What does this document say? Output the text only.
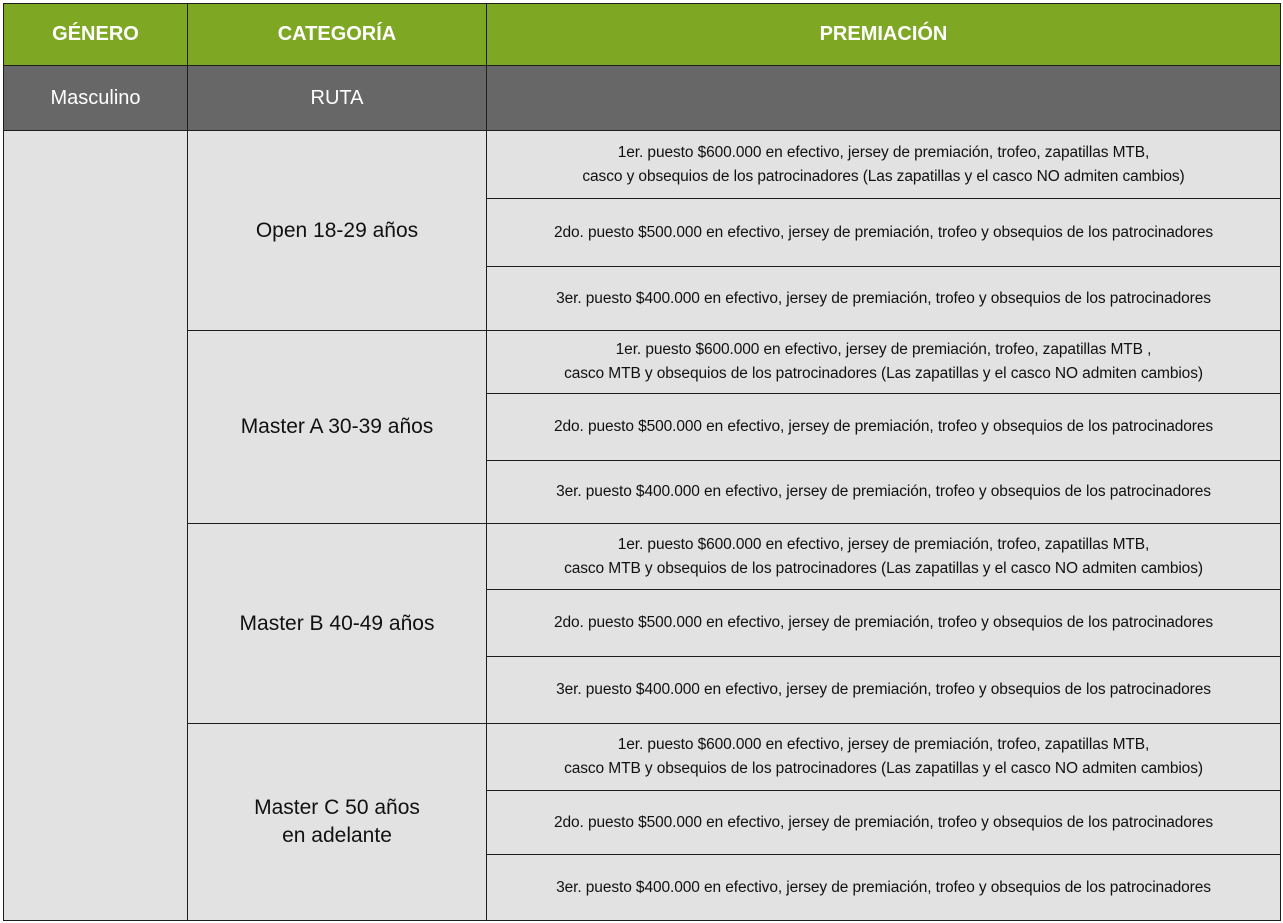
GÉNERO	CATEGORÍA	PREMIACIÓN
Masculino	RUTA	

	Open 18-29 años	1er. puesto $600.000 en efectivo, jersey de premiación, trofeo, zapatillas MTB,
casco y obsequios de los patrocinadores (Las zapatillas y el casco NO admiten cambios)

		2do. puesto $500.000 en efectivo, jersey de premiación, trofeo y obsequios de los patrocinadores

		3er. puesto $400.000 en efectivo, jersey de premiación, trofeo y obsequios de los patrocinadores

	Master A 30-39 años	1er. puesto $600.000 en efectivo, jersey de premiación, trofeo, zapatillas MTB ,
casco MTB y obsequios de los patrocinadores (Las zapatillas y el casco NO admiten cambios)

		2do. puesto $500.000 en efectivo, jersey de premiación, trofeo y obsequios de los patrocinadores

		3er. puesto $400.000 en efectivo, jersey de premiación, trofeo y obsequios de los patrocinadores

	Master B 40-49 años	1er. puesto $600.000 en efectivo, jersey de premiación, trofeo, zapatillas MTB,
casco MTB y obsequios de los patrocinadores (Las zapatillas y el casco NO admiten cambios)

		2do. puesto $500.000 en efectivo, jersey de premiación, trofeo y obsequios de los patrocinadores

		3er. puesto $400.000 en efectivo, jersey de premiación, trofeo y obsequios de los patrocinadores

	Master C 50 años
en adelante	1er. puesto $600.000 en efectivo, jersey de premiación, trofeo, zapatillas MTB,
casco MTB y obsequios de los patrocinadores (Las zapatillas y el casco NO admiten cambios)

		2do. puesto $500.000 en efectivo, jersey de premiación, trofeo y obsequios de los patrocinadores

		3er. puesto $400.000 en efectivo, jersey de premiación, trofeo y obsequios de los patrocinadores
